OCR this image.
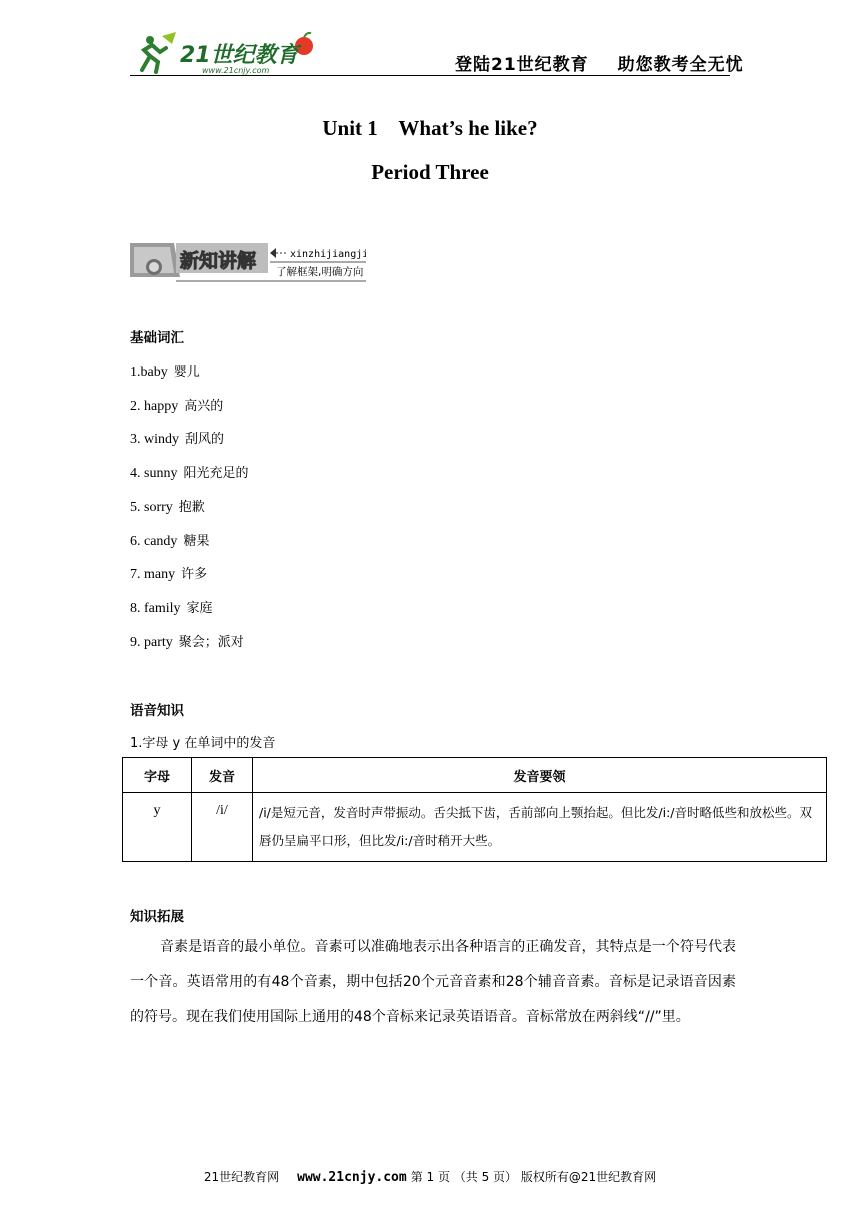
21世纪教育
www.21cnjy.com	登陆21世纪教育 助您教考全无忧
Unit 1    What’s he like?
Period Three
新知讲解	xinzhijiangjie
了解框架,明确方向
基础词汇
1.baby 婴儿
2. happy 高兴的
3. windy 刮风的
4. sunny 阳光充足的
5. sorry 抱歉
6. candy 糖果
7. many 许多
8. family 家庭
9. party 聚会；派对
语音知识
1.字母 y 在单词中的发音
字母	发音	发音要领
y	/i/	/i/是短元音，发音时声带振动。舌尖抵下齿，舌前部向上颚抬起。但比发/i:/音时略低些和放松些。双唇仍呈扁平口形，但比发/i:/音时稍开大些。
知识拓展
音素是语音的最小单位。音素可以准确地表示出各种语言的正确发音，其特点是一个符号代表一个音。英语常用的有48个音素，期中包括20个元音音素和28个辅音音素。音标是记录语音因素的符号。现在我们使用国际上通用的48个音标来记录英语语音。音标常放在两斜线“//”里。
21世纪教育网 www.21cnjy.com 第 1 页 （共 5 页） 版权所有@21世纪教育网
